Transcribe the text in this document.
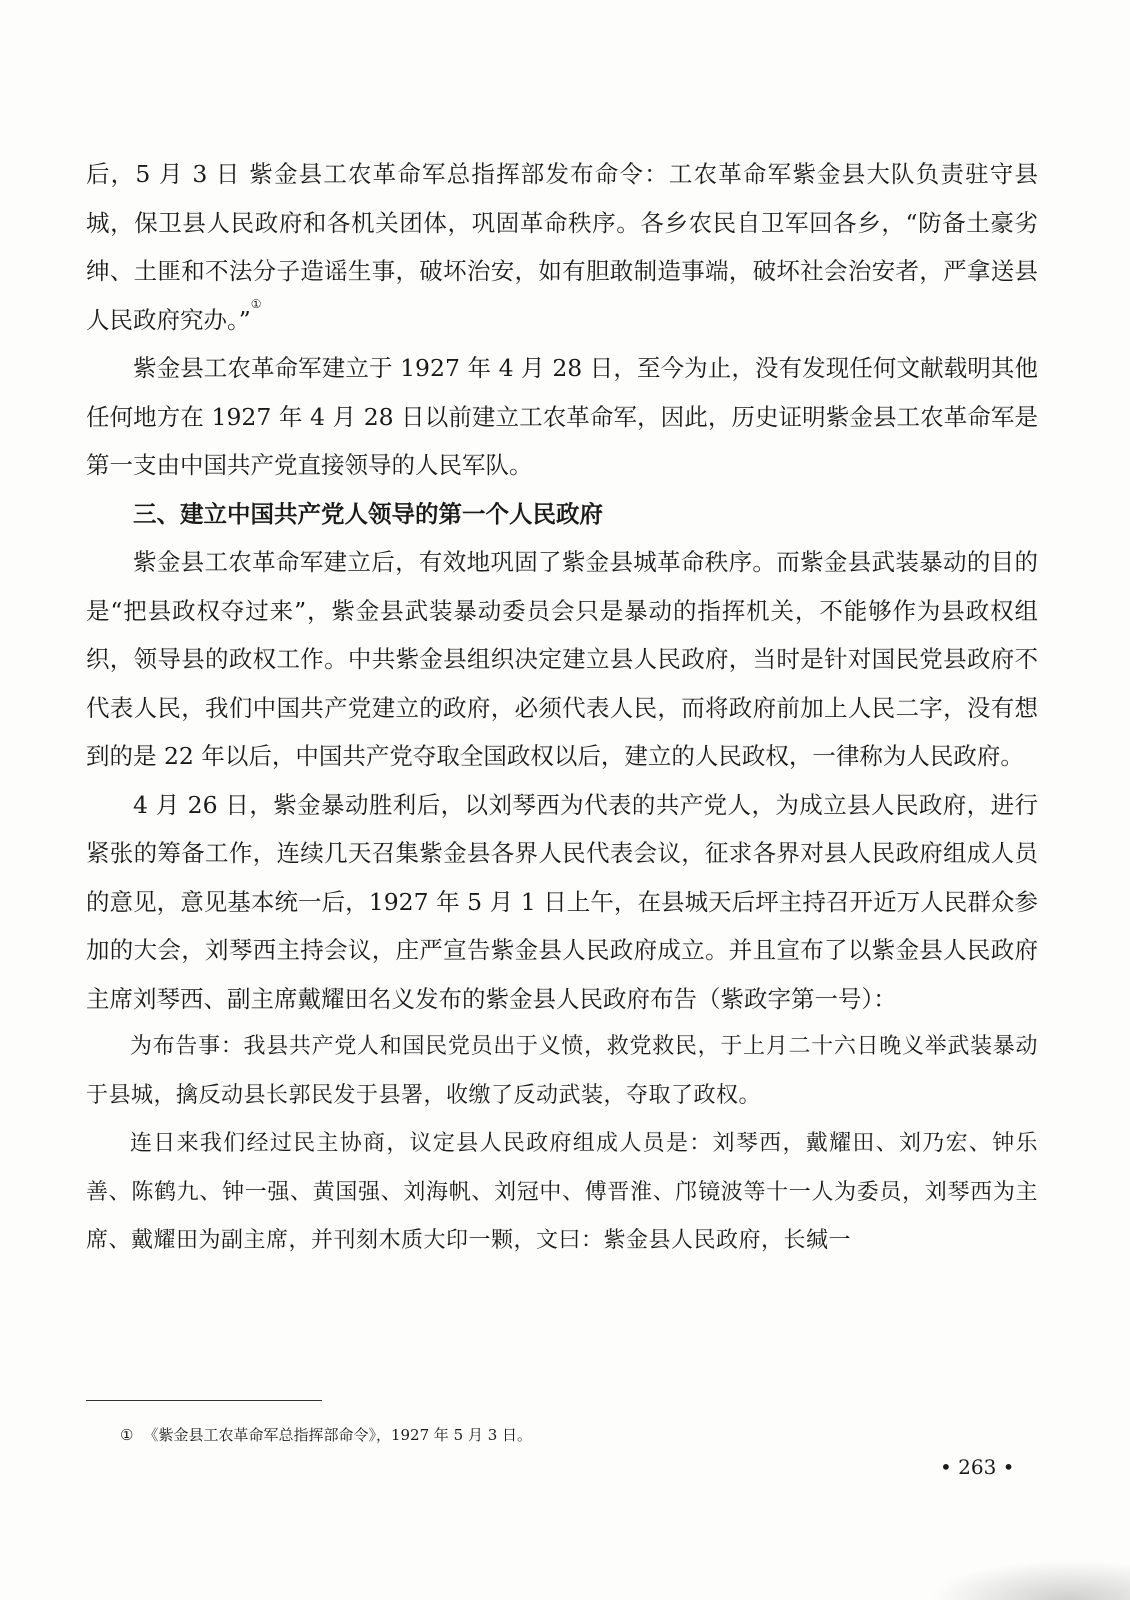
后，5 月 3 日 紫金县工农革命军总指挥部发布命令：工农革命军紫金县大队负责驻守县城，保卫县人民政府和各机关团体，巩固革命秩序。各乡农民自卫军回各乡，“防备土豪劣绅、土匪和不法分子造谣生事，破坏治安，如有胆敢制造事端，破坏社会治安者，严拿送县人民政府究办。”①

紫金县工农革命军建立于 1927 年 4 月 28 日，至今为止，没有发现任何文献载明其他任何地方在 1927 年 4 月 28 日以前建立工农革命军，因此，历史证明紫金县工农革命军是第一支由中国共产党直接领导的人民军队。

三、建立中国共产党人领导的第一个人民政府

紫金县工农革命军建立后，有效地巩固了紫金县城革命秩序。而紫金县武装暴动的目的是“把县政权夺过来”，紫金县武装暴动委员会只是暴动的指挥机关，不能够作为县政权组织，领导县的政权工作。中共紫金县组织决定建立县人民政府，当时是针对国民党县政府不代表人民，我们中国共产党建立的政府，必须代表人民，而将政府前加上人民二字，没有想到的是 22 年以后，中国共产党夺取全国政权以后，建立的人民政权，一律称为人民政府。

4 月 26 日，紫金暴动胜利后，以刘琴西为代表的共产党人，为成立县人民政府，进行紧张的筹备工作，连续几天召集紫金县各界人民代表会议，征求各界对县人民政府组成人员的意见，意见基本统一后，1927 年 5 月 1 日上午，在县城天后坪主持召开近万人民群众参加的大会，刘琴西主持会议，庄严宣告紫金县人民政府成立。并且宣布了以紫金县人民政府主席刘琴西、副主席戴耀田名义发布的紫金县人民政府布告（紫政字第一号）：

为布告事：我县共产党人和国民党员出于义愤，救党救民，于上月二十六日晚义举武装暴动于县城，擒反动县长郭民发于县署，收缴了反动武装，夺取了政权。

连日来我们经过民主协商，议定县人民政府组成人员是：刘琴西，戴耀田、刘乃宏、钟乐善、陈鹤九、钟一强、黄国强、刘海帆、刘冠中、傅晋淮、邝镜波等十一人为委员，刘琴西为主席、戴耀田为副主席，并刊刻木质大印一颗，文曰：紫金县人民政府，长缄一

① 《紫金县工农革命军总指挥部命令》，1927 年 5 月 3 日。
• 263 •
